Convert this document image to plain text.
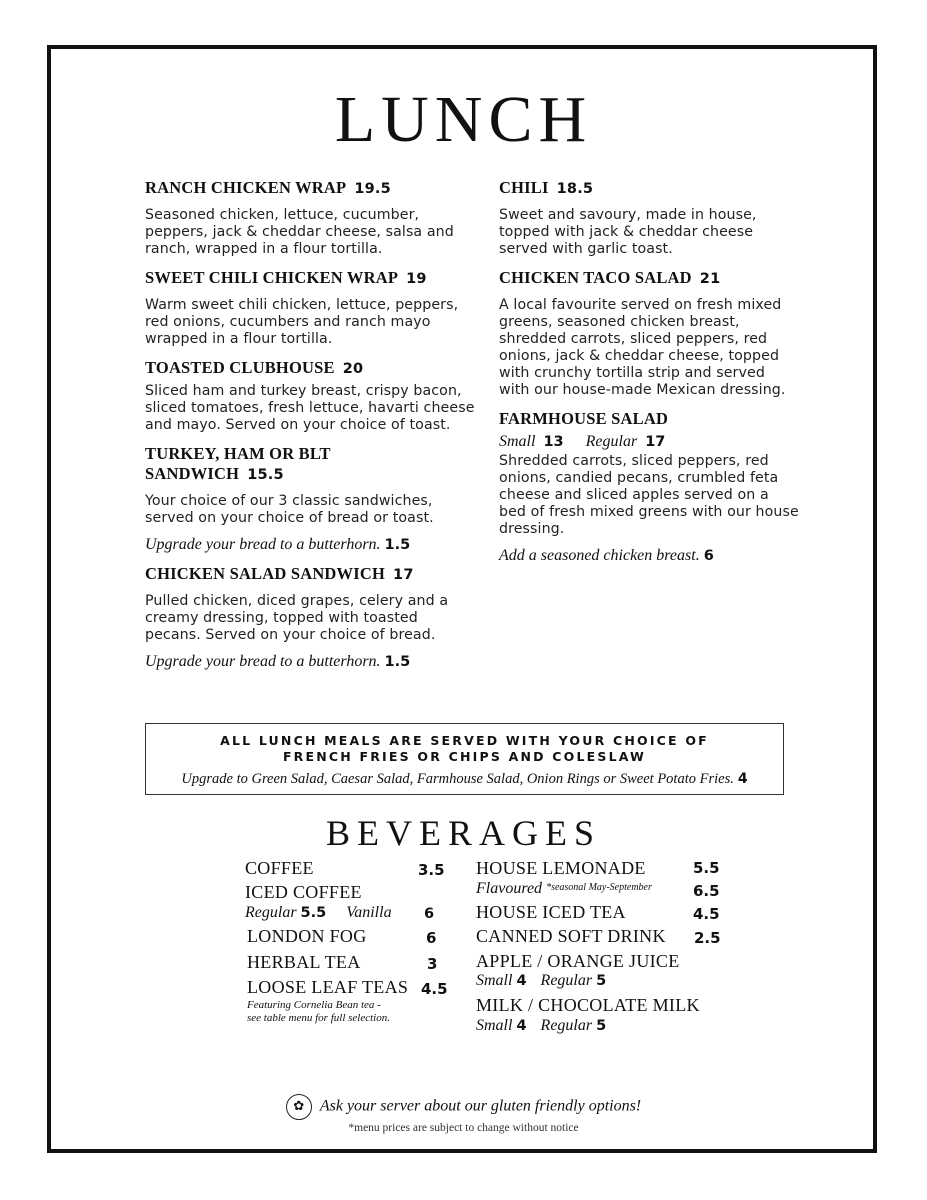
LUNCH
RANCH CHICKEN WRAP 19.5
Seasoned chicken, lettuce, cucumber, peppers, jack & cheddar cheese, salsa and ranch, wrapped in a flour tortilla.
SWEET CHILI CHICKEN WRAP 19
Warm sweet chili chicken, lettuce, peppers, red onions, cucumbers and ranch mayo wrapped in a flour tortilla.
TOASTED CLUBHOUSE 20
Sliced ham and turkey breast, crispy bacon, sliced tomatoes, fresh lettuce, havarti cheese and mayo. Served on your choice of toast.
TURKEY, HAM OR BLT
SANDWICH 15.5
Your choice of our 3 classic sandwiches, served on your choice of bread or toast.
Upgrade your bread to a butterhorn. 1.5
CHICKEN SALAD SANDWICH 17
Pulled chicken, diced grapes, celery and a creamy dressing, topped with toasted pecans. Served on your choice of bread.
Upgrade your bread to a butterhorn. 1.5
CHILI 18.5
Sweet and savoury, made in house, topped with jack & cheddar cheese served with garlic toast.
CHICKEN TACO SALAD 21
A local favourite served on fresh mixed greens, seasoned chicken breast, shredded carrots, sliced peppers, red onions, jack & cheddar cheese, topped with crunchy tortilla strip and served with our house-made Mexican dressing.
FARMHOUSE SALAD
Small 13 Regular 17
Shredded carrots, sliced peppers, red onions, candied pecans, crumbled feta cheese and sliced apples served on a bed of fresh mixed greens with our house dressing.
Add a seasoned chicken breast. 6
ALL LUNCH MEALS ARE SERVED WITH YOUR CHOICE OF
FRENCH FRIES OR CHIPS AND COLESLAW
Upgrade to Green Salad, Caesar Salad, Farmhouse Salad, Onion Rings or Sweet Potato Fries. 4
BEVERAGES
COFFEE	3.5
ICED COFFEE
Regular 5.5 Vanilla 6
LONDON FOG	6
HERBAL TEA	3
LOOSE LEAF TEAS 4.5
Featuring Cornelia Bean tea -
see table menu for full selection.
HOUSE LEMONADE	5.5
Flavoured *seasonal May-September	6.5
HOUSE ICED TEA	4.5
CANNED SOFT DRINK 2.5
APPLE / ORANGE JUICE
Small 4 Regular 5
MILK / CHOCOLATE MILK
Small 4 Regular 5
✿ Ask your server about our gluten friendly options!
*menu prices are subject to change without notice
